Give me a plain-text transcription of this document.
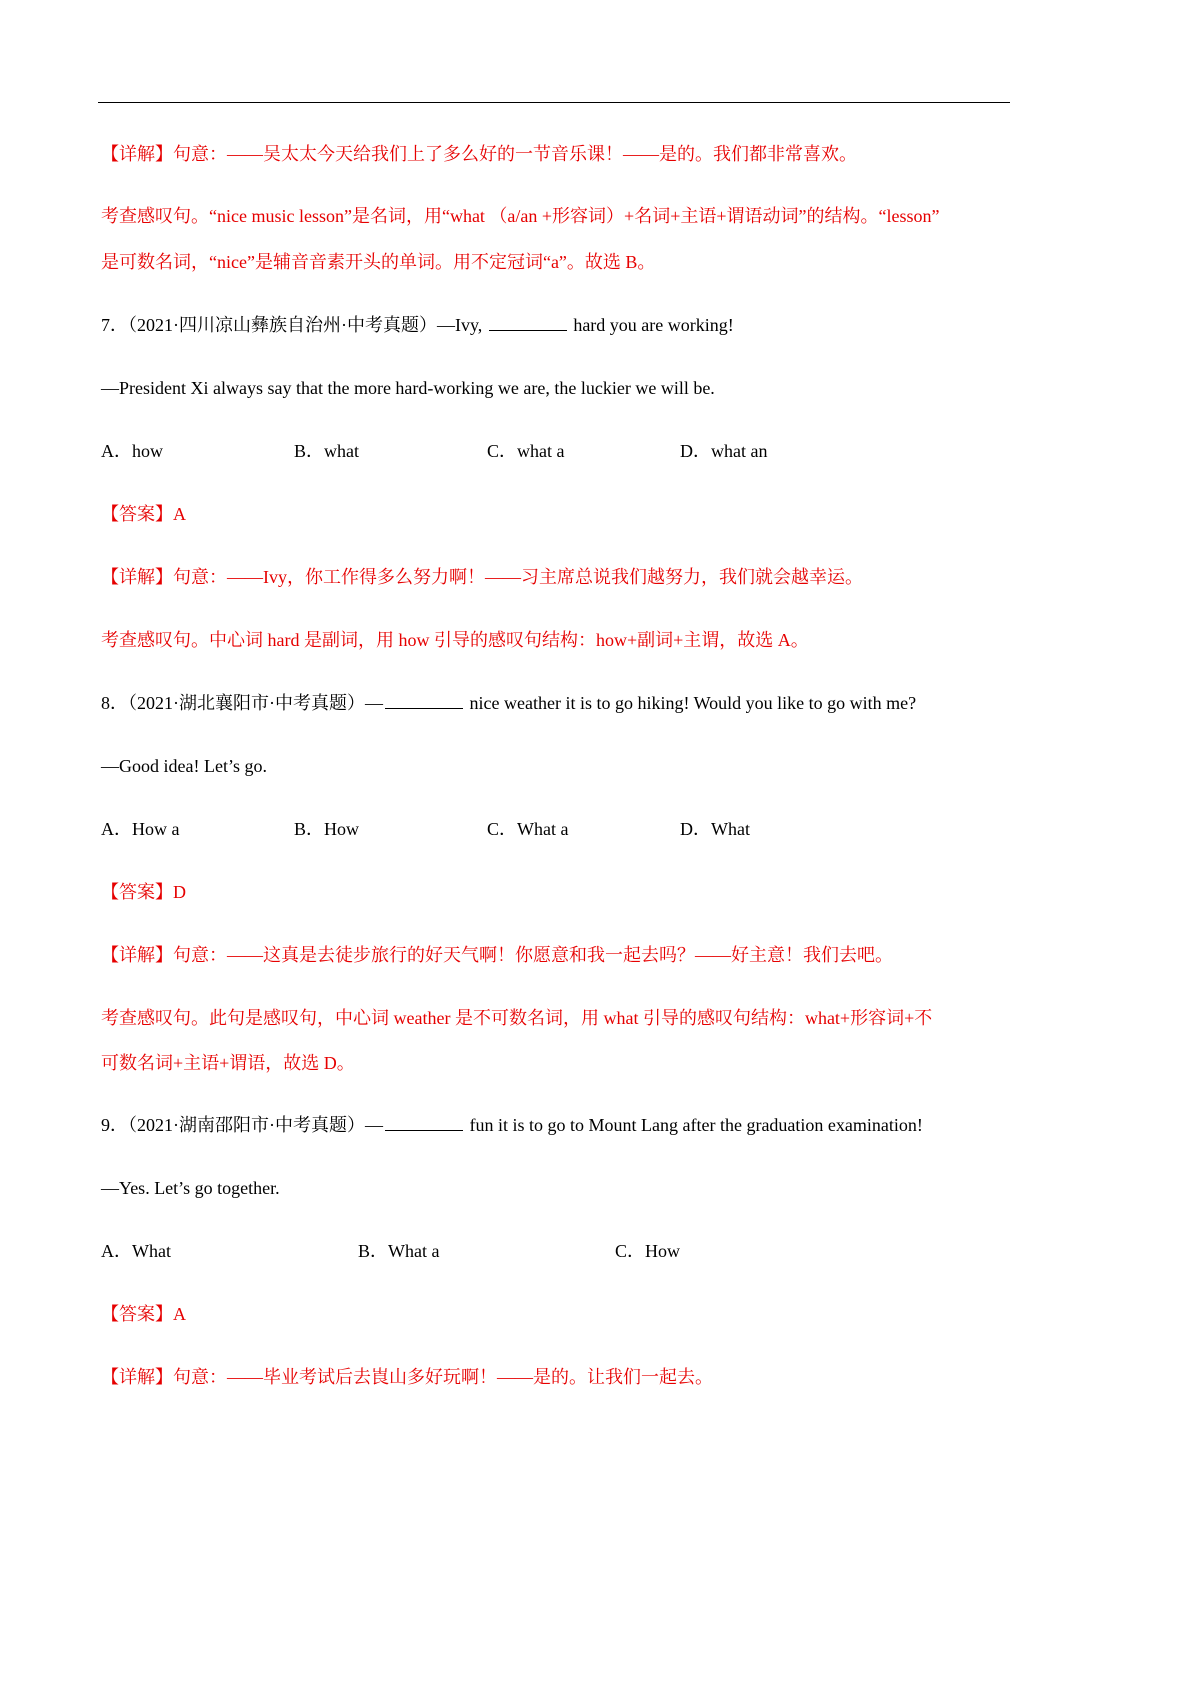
【详解】句意：——吴太太今天给我们上了多么好的一节音乐课！——是的。我们都非常喜欢。
考查感叹句。“nice music lesson”是名词，用“what （a/an +形容词）+名词+主语+谓语动词”的结构。“lesson”
是可数名词，“nice”是辅音音素开头的单词。用不定冠词“a”。故选 B。
7．（2021·四川凉山彝族自治州·中考真题）—Ivy,	hard you are working!
—President Xi always say that the more hard-working we are, the luckier we will be.
A．how	B．what	C．what a	D．what an
【答案】A
【详解】句意：——Ivy，你工作得多么努力啊！——习主席总说我们越努力，我们就会越幸运。
考查感叹句。中心词 hard 是副词，用 how 引导的感叹句结构：how+副词+主谓，故选 A。
8．（2021·湖北襄阳市·中考真题）—	nice weather it is to go hiking! Would you like to go with me?
—Good idea! Let’s go.
A．How a	B．How	C．What a	D．What
【答案】D
【详解】句意：——这真是去徒步旅行的好天气啊！你愿意和我一起去吗？——好主意！我们去吧。
考查感叹句。此句是感叹句，中心词 weather 是不可数名词，用 what 引导的感叹句结构：what+形容词+不
可数名词+主语+谓语，故选 D。
9．（2021·湖南邵阳市·中考真题）—	fun it is to go to Mount Lang after the graduation examination!
—Yes. Let’s go together.
A．What	B．What a	C．How
【答案】A
【详解】句意：——毕业考试后去崀山多好玩啊！——是的。让我们一起去。
